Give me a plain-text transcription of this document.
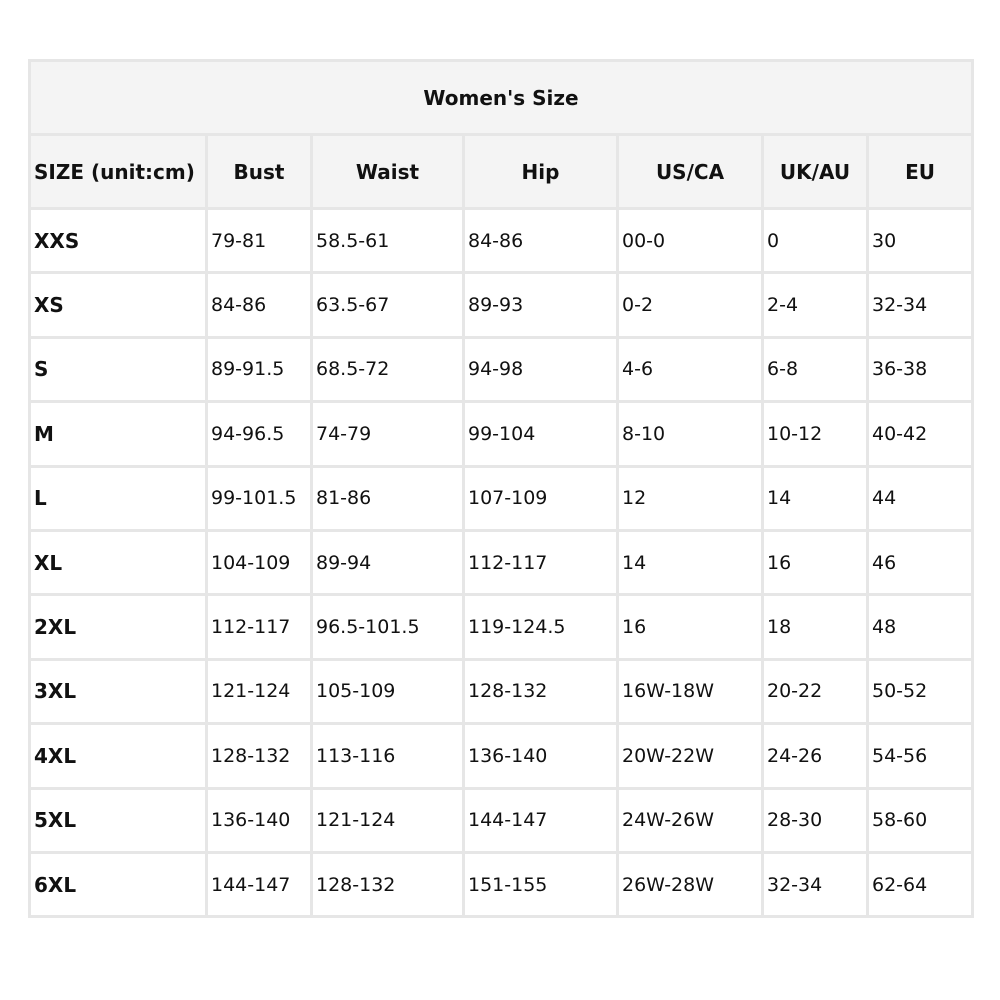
Women's Size						
SIZE (unit:cm)	Bust	Waist	Hip	US/CA	UK/AU	EU
XXS	79-81	58.5-61	84-86	00-0	0	30
XS	84-86	63.5-67	89-93	0-2	2-4	32-34
S	89-91.5	68.5-72	94-98	4-6	6-8	36-38
M	94-96.5	74-79	99-104	8-10	10-12	40-42
L	99-101.5	81-86	107-109	12	14	44
XL	104-109	89-94	112-117	14	16	46
2XL	112-117	96.5-101.5	119-124.5	16	18	48
3XL	121-124	105-109	128-132	16W-18W	20-22	50-52
4XL	128-132	113-116	136-140	20W-22W	24-26	54-56
5XL	136-140	121-124	144-147	24W-26W	28-30	58-60
6XL	144-147	128-132	151-155	26W-28W	32-34	62-64
